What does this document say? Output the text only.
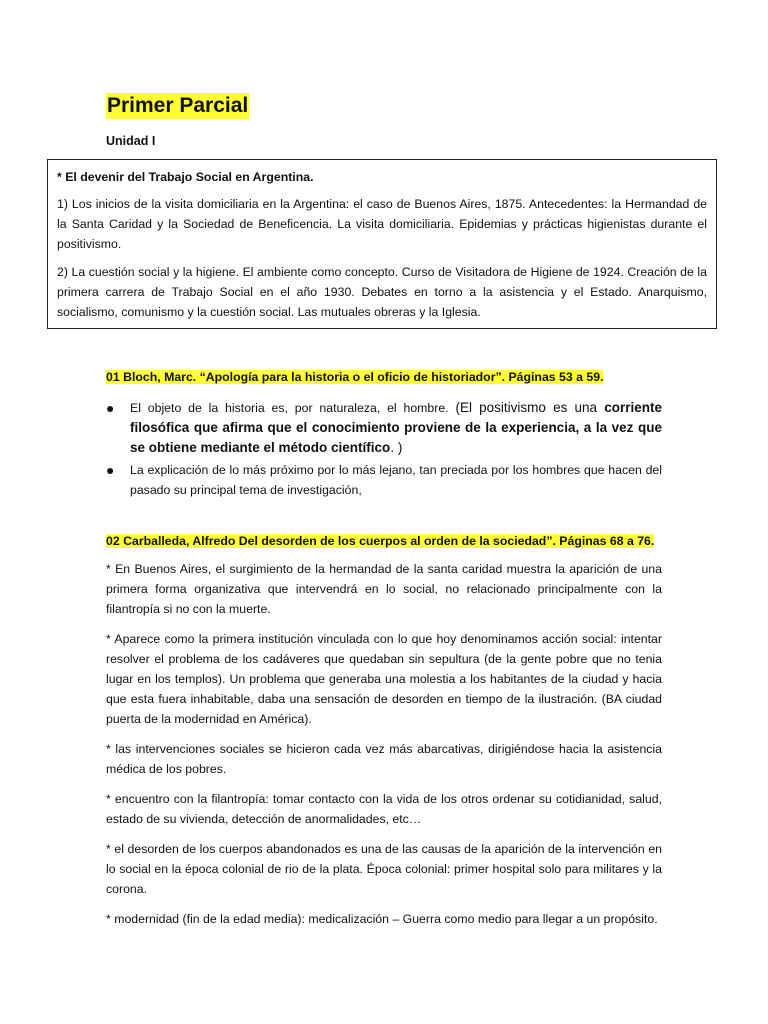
Primer Parcial
Unidad I

* El devenir del Trabajo Social en Argentina.

1) Los inicios de la visita domiciliaria en la Argentina: el caso de Buenos Aires, 1875. Antecedentes: la Hermandad de la Santa Caridad y la Sociedad de Beneficencia. La visita domiciliaria. Epidemias y prácticas higienistas durante el positivismo.

2) La cuestión social y la higiene. El ambiente como concepto. Curso de Visitadora de Higiene de 1924. Creación de la primera carrera de Trabajo Social en el año 1930. Debates en torno a la asistencia y el Estado. Anarquismo, socialismo, comunismo y la cuestión social. Las mutuales obreras y la Iglesia.

01 Bloch, Marc. “Apología para la historia o el oficio de historiador”. Páginas 53 a 59.
● El objeto de la historia es, por naturaleza, el hombre. (El positivismo es una corriente filosófica que afirma que el conocimiento proviene de la experiencia, a la vez que se obtiene mediante el método científico. )
● La explicación de lo más próximo por lo más lejano, tan preciada por los hombres que hacen del pasado su principal tema de investigación,
02 Carballeda, Alfredo Del desorden de los cuerpos al orden de la sociedad”. Páginas 68 a 76.

* En Buenos Aires, el surgimiento de la hermandad de la santa caridad muestra la aparición de una primera forma organizativa que intervendrá en lo social, no relacionado principalmente con la filantropía si no con la muerte.

* Aparece como la primera institución vinculada con lo que hoy denominamos acción social: intentar resolver el problema de los cadáveres que quedaban sin sepultura (de la gente pobre que no tenia lugar en los templos). Un problema que generaba una molestia a los habitantes de la ciudad y hacia que esta fuera inhabitable, daba una sensación de desorden en tiempo de la ilustración. (BA ciudad puerta de la modernidad en América).

* las intervenciones sociales se hicieron cada vez más abarcativas, dirigiéndose hacia la asistencia médica de los pobres.

* encuentro con la filantropía: tomar contacto con la vida de los otros ordenar su cotidianidad, salud, estado de su vivienda, detección de anormalidades, etc…

* el desorden de los cuerpos abandonados es una de las causas de la aparición de la intervención en lo social en la época colonial de rio de la plata. Época colonial: primer hospital solo para militares y la corona.

* modernidad (fin de la edad media): medicalización – Guerra como medio para llegar a un propósito.
